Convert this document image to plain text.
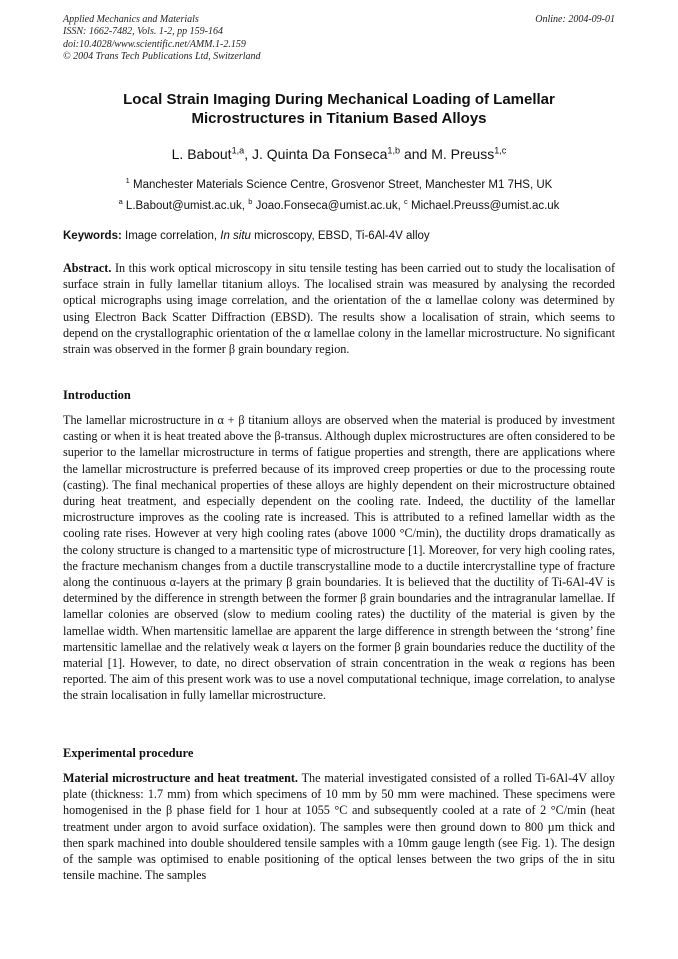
Applied Mechanics and Materials
ISSN: 1662-7482, Vols. 1-2, pp 159-164
doi:10.4028/www.scientific.net/AMM.1-2.159
© 2004 Trans Tech Publications Ltd, Switzerland
Online: 2004-09-01
Local Strain Imaging During Mechanical Loading of Lamellar
Microstructures in Titanium Based Alloys
L. Babout$^{1,a}$, J. Quinta Da Fonseca$^{1,b}$ and M. Preuss$^{1,c}$
$^1$ Manchester Materials Science Centre, Grosvenor Street, Manchester M1 7HS, UK
$^a$ L.Babout@umist.ac.uk, $^b$ Joao.Fonseca@umist.ac.uk, $^c$ Michael.Preuss@umist.ac.uk
Keywords: Image correlation, In situ microscopy, EBSD, Ti-6Al-4V alloy
Abstract. In this work optical microscopy in situ tensile testing has been carried out to study the localisation of surface strain in fully lamellar titanium alloys. The localised strain was measured by analysing the recorded optical micrographs using image correlation, and the orientation of the α lamellae colony was determined by using Electron Back Scatter Diffraction (EBSD). The results show a localisation of strain, which seems to depend on the crystallographic orientation of the α lamellae colony in the lamellar microstructure. No significant strain was observed in the former β grain boundary region.
Introduction
The lamellar microstructure in α + β titanium alloys are observed when the material is produced by investment casting or when it is heat treated above the β-transus. Although duplex microstructures are often considered to be superior to the lamellar microstructure in terms of fatigue properties and strength, there are applications where the lamellar microstructure is preferred because of its improved creep properties or due to the processing route (casting). The final mechanical properties of these alloys are highly dependent on their microstructure obtained during heat treatment, and especially dependent on the cooling rate. Indeed, the ductility of the lamellar microstructure improves as the cooling rate is increased. This is attributed to a refined lamellar width as the cooling rate rises. However at very high cooling rates (above 1000 °C/min), the ductility drops dramatically as the colony structure is changed to a martensitic type of microstructure [1]. Moreover, for very high cooling rates, the fracture mechanism changes from a ductile transcrystalline mode to a ductile intercrystalline type of fracture along the continuous α-layers at the primary β grain boundaries. It is believed that the ductility of Ti-6Al-4V is determined by the difference in strength between the former β grain boundaries and the intragranular lamellae. If lamellar colonies are observed (slow to medium cooling rates) the ductility of the material is given by the lamellae width. When martensitic lamellae are apparent the large difference in strength between the ‘strong’ fine martensitic lamellae and the relatively weak α layers on the former β grain boundaries reduce the ductility of the material [1]. However, to date, no direct observation of strain concentration in the weak α regions has been reported. The aim of this present work was to use a novel computational technique, image correlation, to analyse the strain localisation in fully lamellar microstructure.
Experimental procedure
Material microstructure and heat treatment. The material investigated consisted of a rolled Ti-6Al-4V alloy plate (thickness: 1.7 mm) from which specimens of 10 mm by 50 mm were machined. These specimens were homogenised in the β phase field for 1 hour at 1055 °C and subsequently cooled at a rate of 2 °C/min (heat treatment under argon to avoid surface oxidation). The samples were then ground down to 800 µm thick and then spark machined into double shouldered tensile samples with a 10mm gauge length (see Fig. 1). The design of the sample was optimised to enable positioning of the optical lenses between the two grips of the in situ tensile machine. The samples
